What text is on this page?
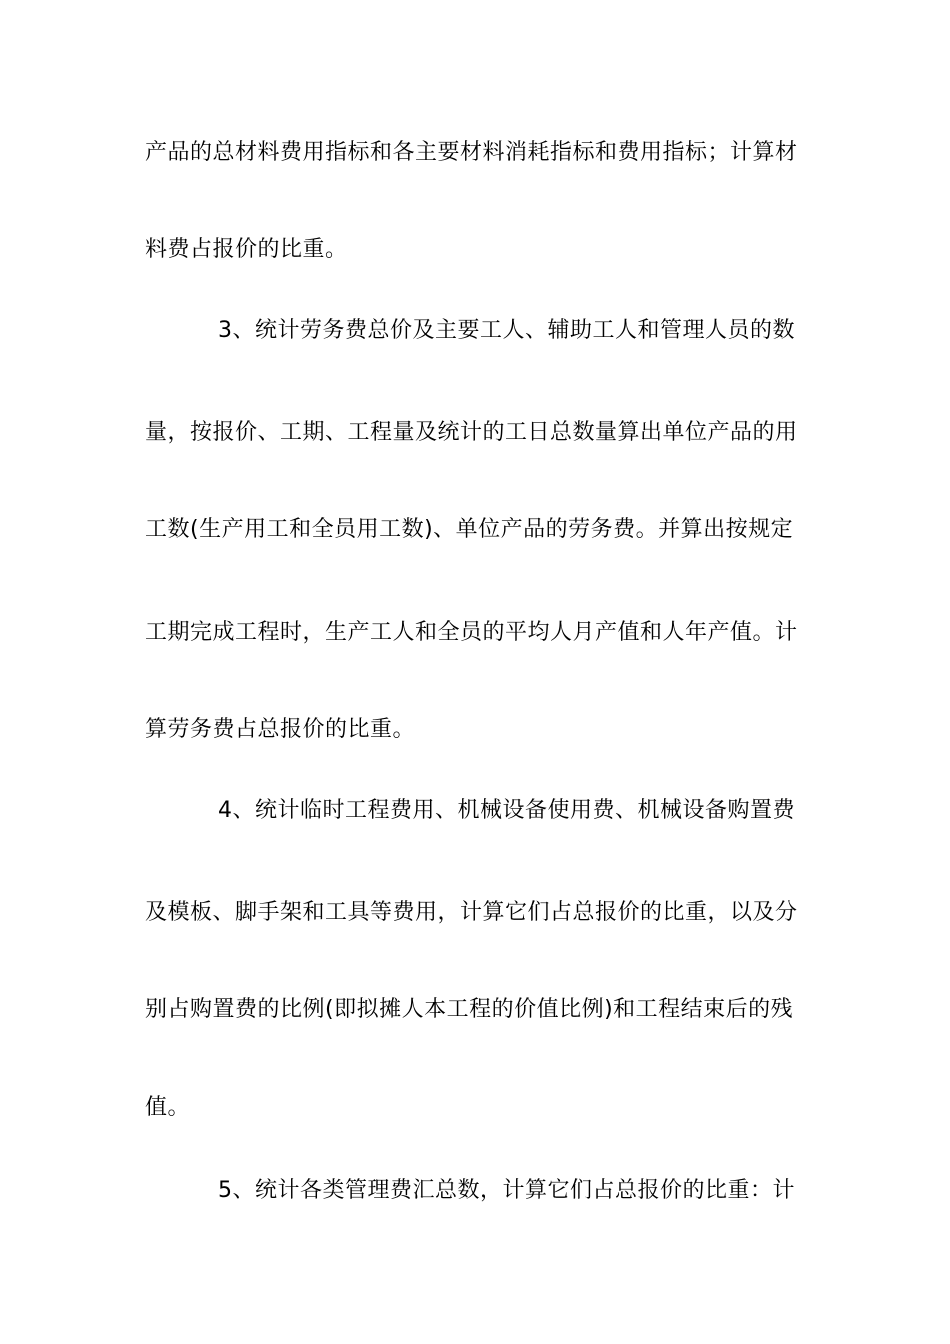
产品的总材料费用指标和各主要材料消耗指标和费用指标；计算材
料费占报价的比重。
3、统计劳务费总价及主要工人、辅助工人和管理人员的数
量，按报价、工期、工程量及统计的工日总数量算出单位产品的用
工数(生产用工和全员用工数)、单位产品的劳务费。并算出按规定
工期完成工程时，生产工人和全员的平均人月产值和人年产值。计
算劳务费占总报价的比重。
4、统计临时工程费用、机械设备使用费、机械设备购置费
及模板、脚手架和工具等费用，计算它们占总报价的比重，以及分
别占购置费的比例(即拟摊人本工程的价值比例)和工程结束后的残
值。
5、统计各类管理费汇总数，计算它们占总报价的比重：计
